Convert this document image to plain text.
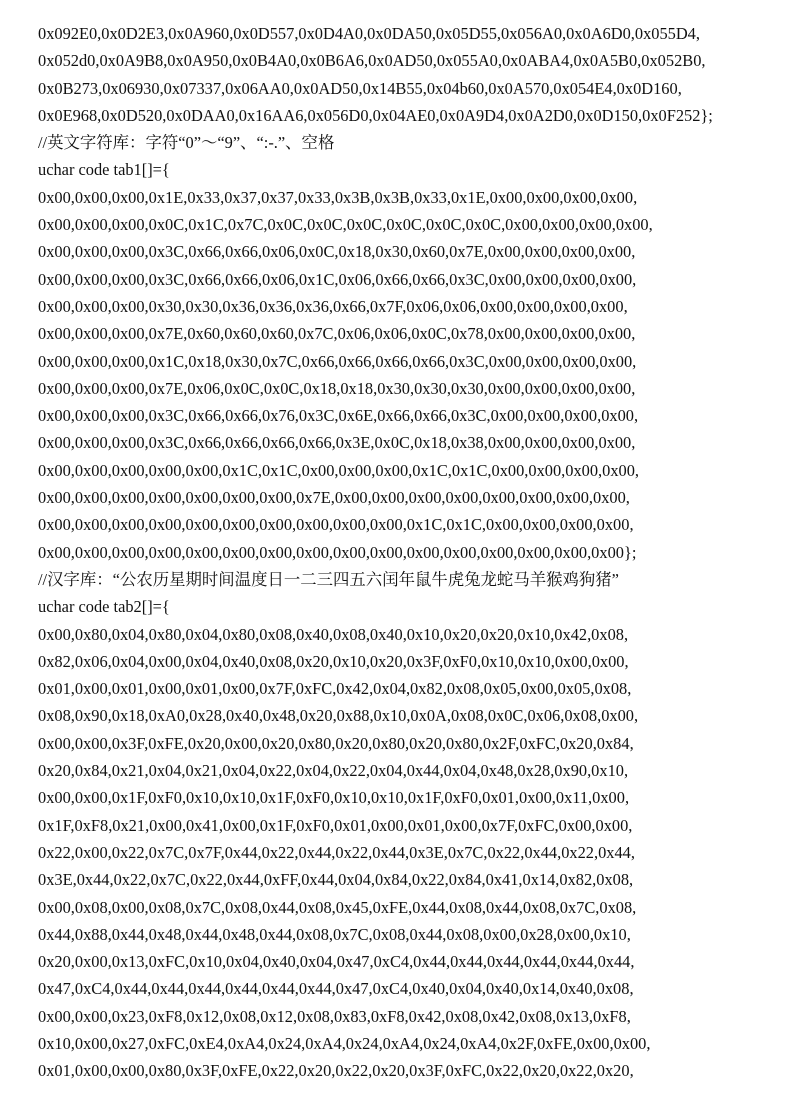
0x092E0,0x0D2E3,0x0A960,0x0D557,0x0D4A0,0x0DA50,0x05D55,0x056A0,0x0A6D0,0x055D4,
0x052d0,0x0A9B8,0x0A950,0x0B4A0,0x0B6A6,0x0AD50,0x055A0,0x0ABA4,0x0A5B0,0x052B0,
0x0B273,0x06930,0x07337,0x06AA0,0x0AD50,0x14B55,0x04b60,0x0A570,0x054E4,0x0D160,
0x0E968,0x0D520,0x0DAA0,0x16AA6,0x056D0,0x04AE0,0x0A9D4,0x0A2D0,0x0D150,0x0F252};
//英文字符库：字符“0”～“9”、“:-.”、空格
uchar code tab1[]={
0x00,0x00,0x00,0x1E,0x33,0x37,0x37,0x33,0x3B,0x3B,0x33,0x1E,0x00,0x00,0x00,0x00,
0x00,0x00,0x00,0x0C,0x1C,0x7C,0x0C,0x0C,0x0C,0x0C,0x0C,0x0C,0x00,0x00,0x00,0x00,
0x00,0x00,0x00,0x3C,0x66,0x66,0x06,0x0C,0x18,0x30,0x60,0x7E,0x00,0x00,0x00,0x00,
0x00,0x00,0x00,0x3C,0x66,0x66,0x06,0x1C,0x06,0x66,0x66,0x3C,0x00,0x00,0x00,0x00,
0x00,0x00,0x00,0x30,0x30,0x36,0x36,0x36,0x66,0x7F,0x06,0x06,0x00,0x00,0x00,0x00,
0x00,0x00,0x00,0x7E,0x60,0x60,0x60,0x7C,0x06,0x06,0x0C,0x78,0x00,0x00,0x00,0x00,
0x00,0x00,0x00,0x1C,0x18,0x30,0x7C,0x66,0x66,0x66,0x66,0x3C,0x00,0x00,0x00,0x00,
0x00,0x00,0x00,0x7E,0x06,0x0C,0x0C,0x18,0x18,0x30,0x30,0x30,0x00,0x00,0x00,0x00,
0x00,0x00,0x00,0x3C,0x66,0x66,0x76,0x3C,0x6E,0x66,0x66,0x3C,0x00,0x00,0x00,0x00,
0x00,0x00,0x00,0x3C,0x66,0x66,0x66,0x66,0x3E,0x0C,0x18,0x38,0x00,0x00,0x00,0x00,
0x00,0x00,0x00,0x00,0x00,0x1C,0x1C,0x00,0x00,0x00,0x1C,0x1C,0x00,0x00,0x00,0x00,
0x00,0x00,0x00,0x00,0x00,0x00,0x00,0x7E,0x00,0x00,0x00,0x00,0x00,0x00,0x00,0x00,
0x00,0x00,0x00,0x00,0x00,0x00,0x00,0x00,0x00,0x00,0x1C,0x1C,0x00,0x00,0x00,0x00,
0x00,0x00,0x00,0x00,0x00,0x00,0x00,0x00,0x00,0x00,0x00,0x00,0x00,0x00,0x00,0x00};
//汉字库：“公农历星期时间温度日一二三四五六闰年鼠牛虎兔龙蛇马羊猴鸡狗猪”
uchar code tab2[]={
0x00,0x80,0x04,0x80,0x04,0x80,0x08,0x40,0x08,0x40,0x10,0x20,0x20,0x10,0x42,0x08,
0x82,0x06,0x04,0x00,0x04,0x40,0x08,0x20,0x10,0x20,0x3F,0xF0,0x10,0x10,0x00,0x00,
0x01,0x00,0x01,0x00,0x01,0x00,0x7F,0xFC,0x42,0x04,0x82,0x08,0x05,0x00,0x05,0x08,
0x08,0x90,0x18,0xA0,0x28,0x40,0x48,0x20,0x88,0x10,0x0A,0x08,0x0C,0x06,0x08,0x00,
0x00,0x00,0x3F,0xFE,0x20,0x00,0x20,0x80,0x20,0x80,0x20,0x80,0x2F,0xFC,0x20,0x84,
0x20,0x84,0x21,0x04,0x21,0x04,0x22,0x04,0x22,0x04,0x44,0x04,0x48,0x28,0x90,0x10,
0x00,0x00,0x1F,0xF0,0x10,0x10,0x1F,0xF0,0x10,0x10,0x1F,0xF0,0x01,0x00,0x11,0x00,
0x1F,0xF8,0x21,0x00,0x41,0x00,0x1F,0xF0,0x01,0x00,0x01,0x00,0x7F,0xFC,0x00,0x00,
0x22,0x00,0x22,0x7C,0x7F,0x44,0x22,0x44,0x22,0x44,0x3E,0x7C,0x22,0x44,0x22,0x44,
0x3E,0x44,0x22,0x7C,0x22,0x44,0xFF,0x44,0x04,0x84,0x22,0x84,0x41,0x14,0x82,0x08,
0x00,0x08,0x00,0x08,0x7C,0x08,0x44,0x08,0x45,0xFE,0x44,0x08,0x44,0x08,0x7C,0x08,
0x44,0x88,0x44,0x48,0x44,0x48,0x44,0x08,0x7C,0x08,0x44,0x08,0x00,0x28,0x00,0x10,
0x20,0x00,0x13,0xFC,0x10,0x04,0x40,0x04,0x47,0xC4,0x44,0x44,0x44,0x44,0x44,0x44,
0x47,0xC4,0x44,0x44,0x44,0x44,0x44,0x44,0x47,0xC4,0x40,0x04,0x40,0x14,0x40,0x08,
0x00,0x00,0x23,0xF8,0x12,0x08,0x12,0x08,0x83,0xF8,0x42,0x08,0x42,0x08,0x13,0xF8,
0x10,0x00,0x27,0xFC,0xE4,0xA4,0x24,0xA4,0x24,0xA4,0x24,0xA4,0x2F,0xFE,0x00,0x00,
0x01,0x00,0x00,0x80,0x3F,0xFE,0x22,0x20,0x22,0x20,0x3F,0xFC,0x22,0x20,0x22,0x20,
